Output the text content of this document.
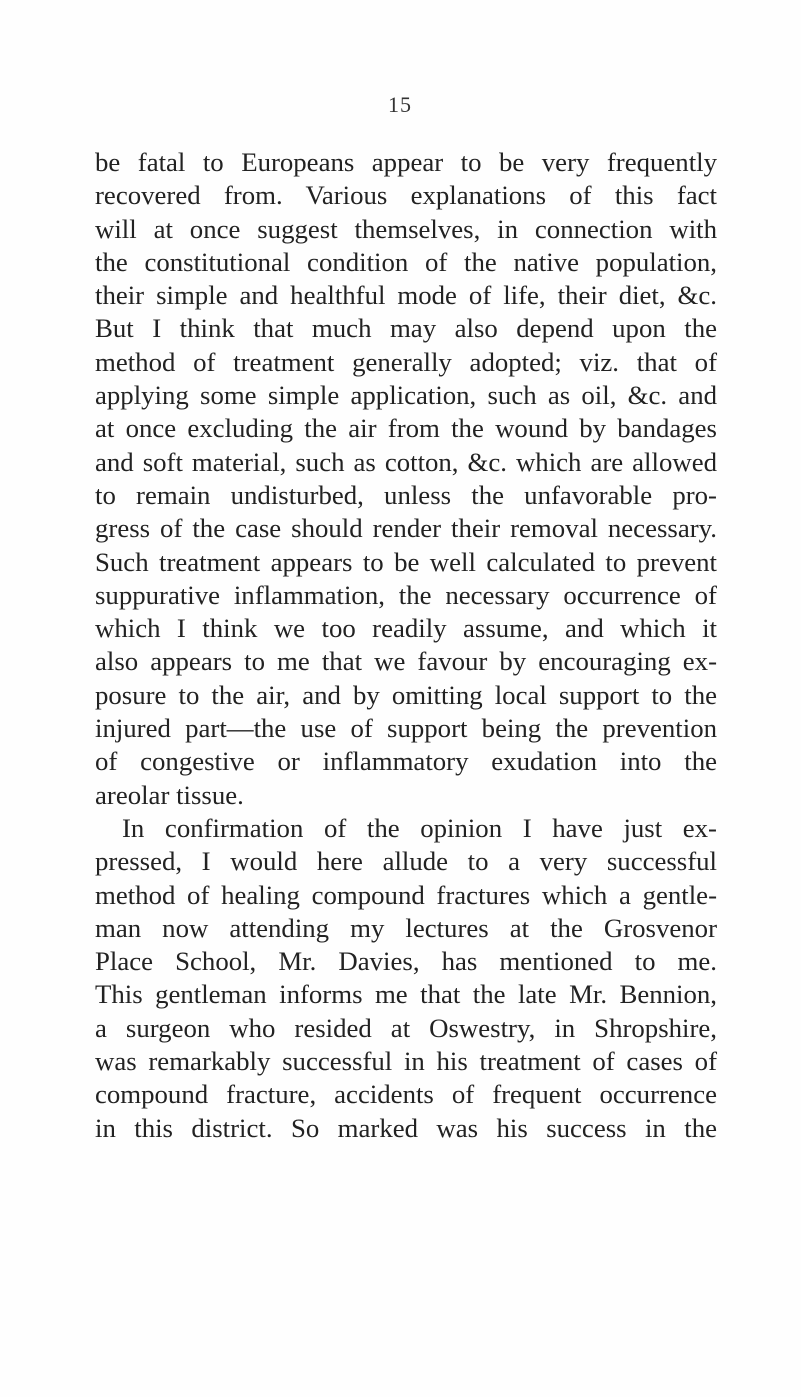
15
be fatal to Europeans appear to be very frequently
recovered from. Various explanations of this fact
will at once suggest themselves, in connection with
the constitutional condition of the native population,
their simple and healthful mode of life, their diet, &c.
But I think that much may also depend upon the
method of treatment generally adopted; viz. that of
applying some simple application, such as oil, &c. and
at once excluding the air from the wound by bandages
and soft material, such as cotton, &c. which are allowed
to remain undisturbed, unless the unfavorable pro-
gress of the case should render their removal necessary.
Such treatment appears to be well calculated to prevent
suppurative inflammation, the necessary occurrence of
which I think we too readily assume, and which it
also appears to me that we favour by encouraging ex-
posure to the air, and by omitting local support to the
injured part—the use of support being the prevention
of congestive or inflammatory exudation into the
areolar tissue.
In confirmation of the opinion I have just ex-
pressed, I would here allude to a very successful
method of healing compound fractures which a gentle-
man now attending my lectures at the Grosvenor
Place School, Mr. Davies, has mentioned to me.
This gentleman informs me that the late Mr. Bennion,
a surgeon who resided at Oswestry, in Shropshire,
was remarkably successful in his treatment of cases of
compound fracture, accidents of frequent occurrence
in this district. So marked was his success in the
